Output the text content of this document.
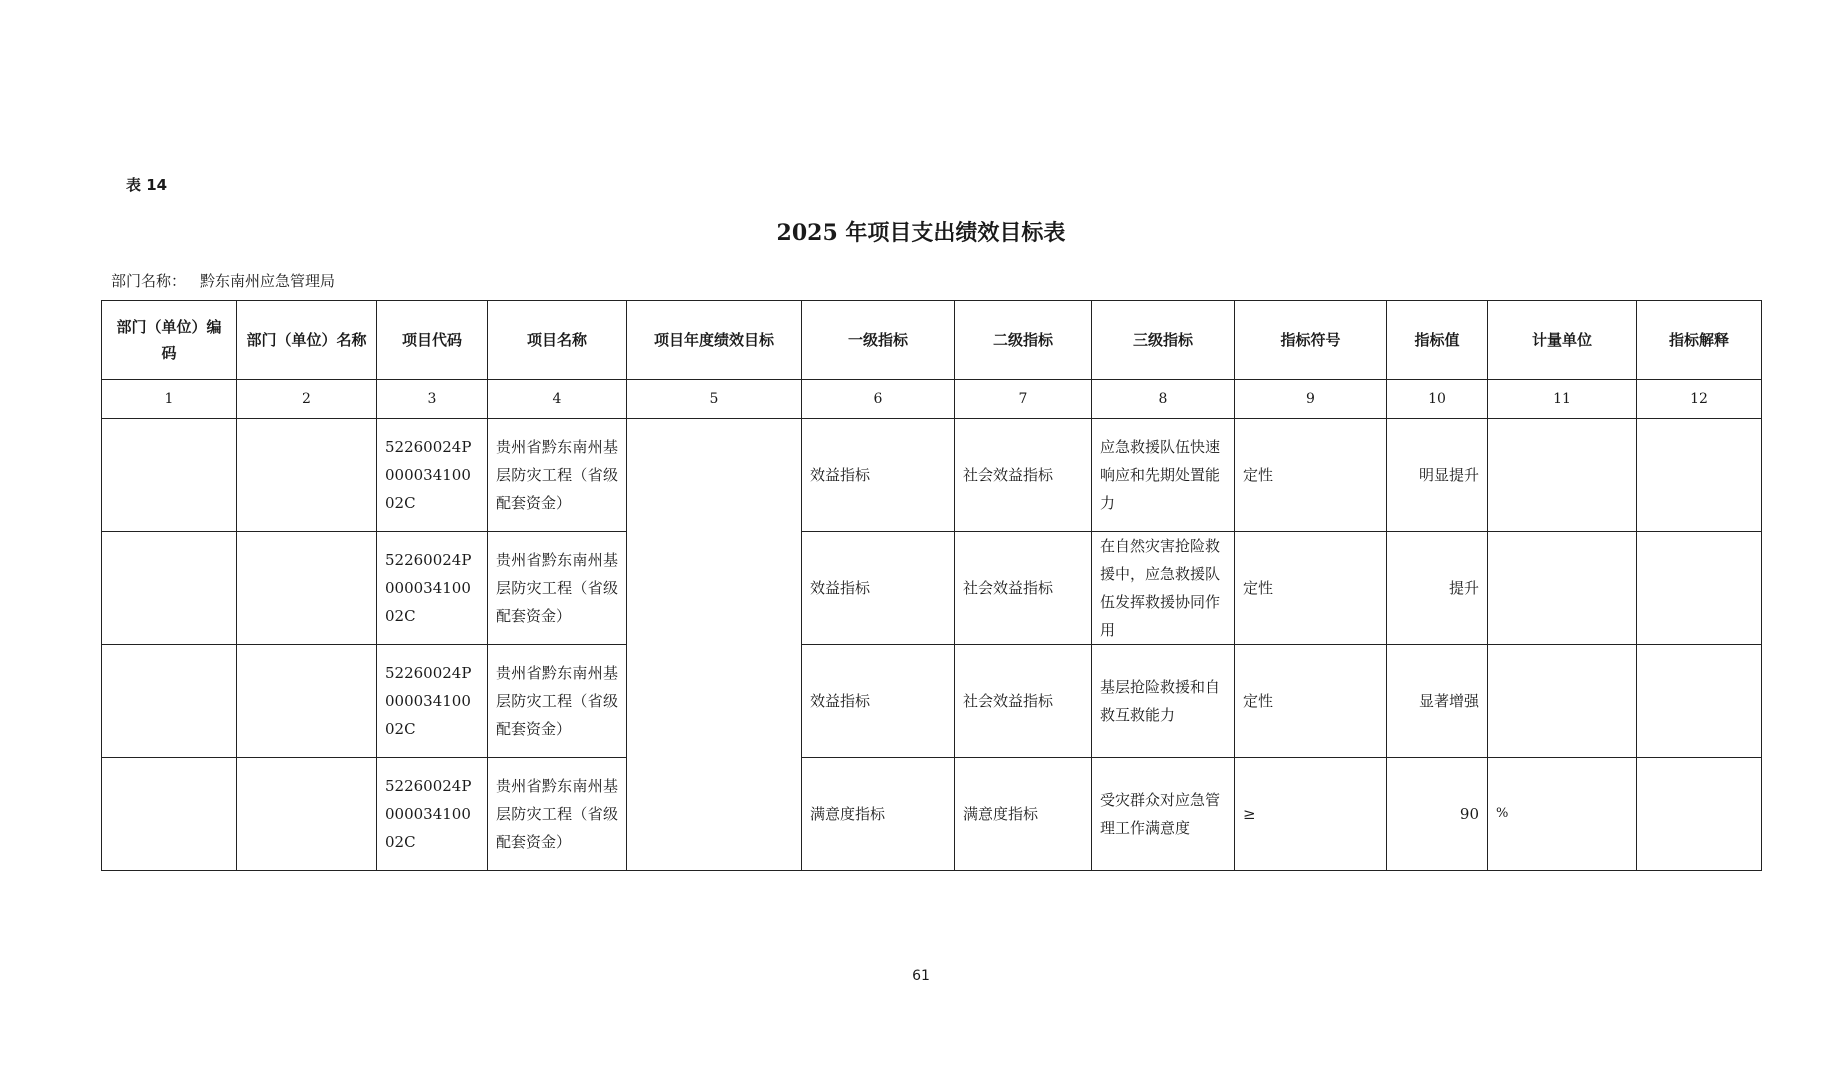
表 14
2025 年项目支出绩效目标表
部门名称： 黔东南州应急管理局
部门（单位）编码	部门（单位）名称	项目代码	项目名称	项目年度绩效目标	一级指标	二级指标	三级指标	指标符号	指标值	计量单位	指标解释
1	2	3	4	5	6	7	8	9	10	11	12
		52260024P00003410002C	贵州省黔东南州基层防灾工程（省级配套资金）		效益指标	社会效益指标	应急救援队伍快速响应和先期处置能力	定性	明显提升		
		52260024P00003410002C	贵州省黔东南州基层防灾工程（省级配套资金）		效益指标	社会效益指标	在自然灾害抢险救援中，应急救援队伍发挥救援协同作用	定性	提升		
		52260024P00003410002C	贵州省黔东南州基层防灾工程（省级配套资金）		效益指标	社会效益指标	基层抢险救援和自救互救能力	定性	显著增强		
		52260024P00003410002C	贵州省黔东南州基层防灾工程（省级配套资金）		满意度指标	满意度指标	受灾群众对应急管理工作满意度	≥	90	%	
61
